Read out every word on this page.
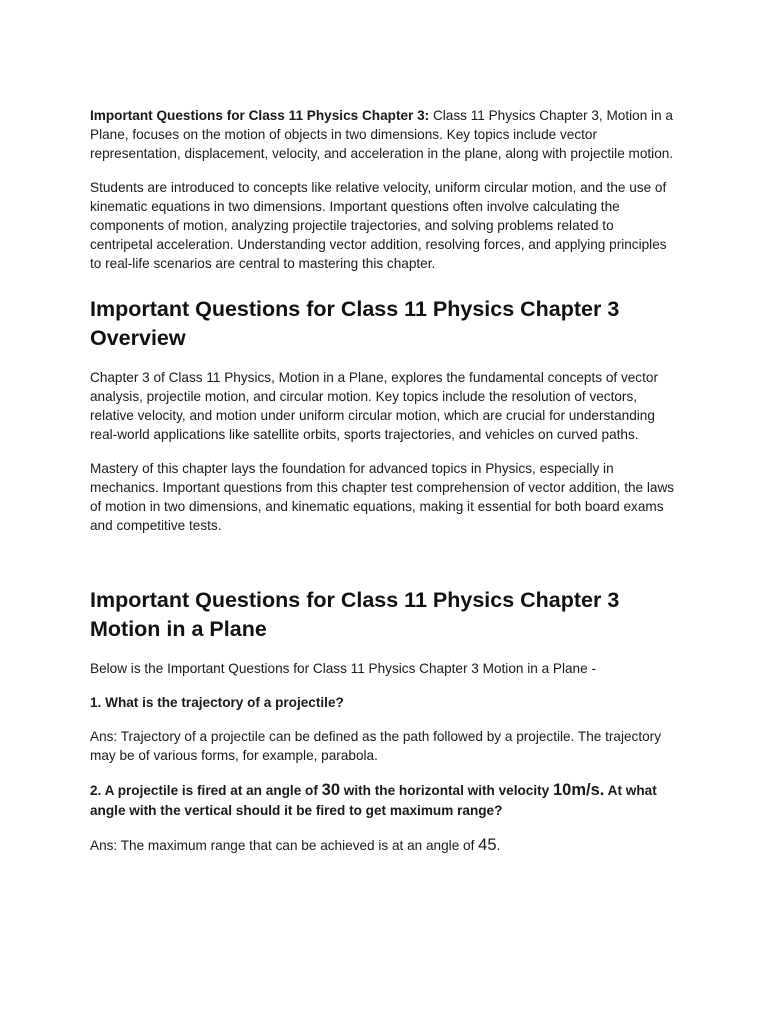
Important Questions for Class 11 Physics Chapter 3: Class 11 Physics Chapter 3, Motion in a Plane, focuses on the motion of objects in two dimensions. Key topics include vector representation, displacement, velocity, and acceleration in the plane, along with projectile motion.

Students are introduced to concepts like relative velocity, uniform circular motion, and the use of kinematic equations in two dimensions. Important questions often involve calculating the components of motion, analyzing projectile trajectories, and solving problems related to centripetal acceleration. Understanding vector addition, resolving forces, and applying principles to real-life scenarios are central to mastering this chapter.

Important Questions for Class 11 Physics Chapter 3 Overview

Chapter 3 of Class 11 Physics, Motion in a Plane, explores the fundamental concepts of vector analysis, projectile motion, and circular motion. Key topics include the resolution of vectors, relative velocity, and motion under uniform circular motion, which are crucial for understanding real-world applications like satellite orbits, sports trajectories, and vehicles on curved paths.

Mastery of this chapter lays the foundation for advanced topics in Physics, especially in mechanics. Important questions from this chapter test comprehension of vector addition, the laws of motion in two dimensions, and kinematic equations, making it essential for both board exams and competitive tests.

Important Questions for Class 11 Physics Chapter 3 Motion in a Plane

Below is the Important Questions for Class 11 Physics Chapter 3 Motion in a Plane -

1. What is the trajectory of a projectile?

Ans: Trajectory of a projectile can be defined as the path followed by a projectile. The trajectory may be of various forms, for example, parabola.

2. A projectile is fired at an angle of 30 with the horizontal with velocity 10m/s. At what angle with the vertical should it be fired to get maximum range?

Ans: The maximum range that can be achieved is at an angle of 45.
